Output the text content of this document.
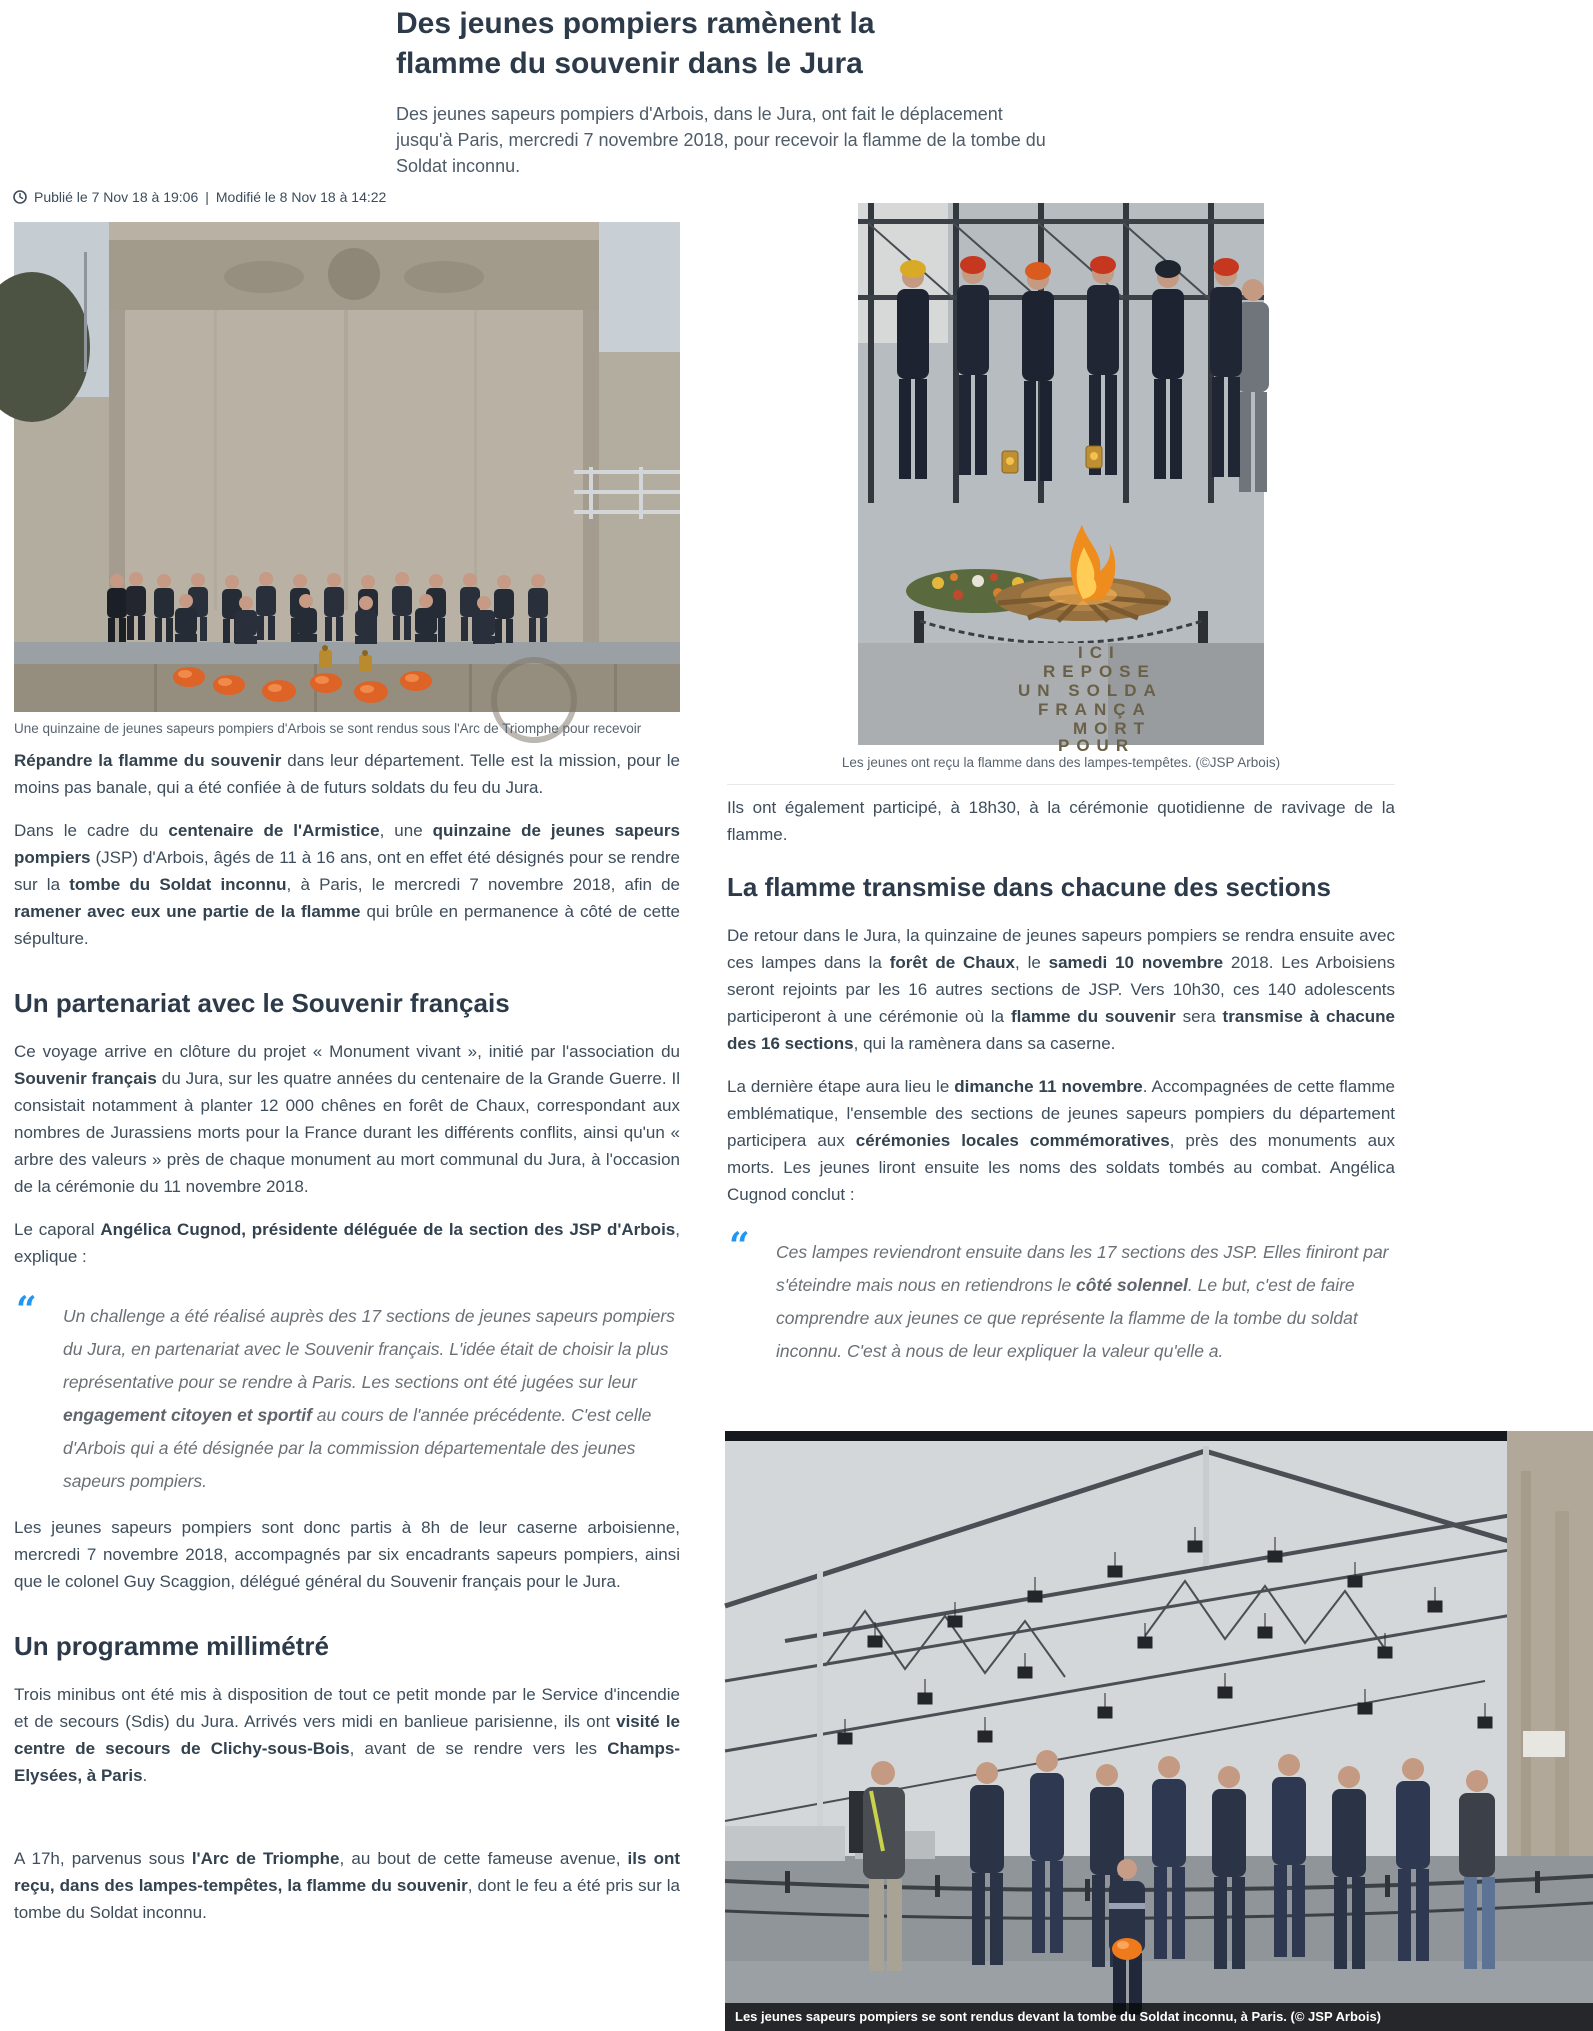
Des jeunes pompiers ramènent la flamme du souvenir dans le Jura
Des jeunes sapeurs pompiers d'Arbois, dans le Jura, ont fait le déplacement jusqu'à Paris, mercredi 7 novembre 2018, pour recevoir la flamme de la tombe du Soldat inconnu.
Publié le 7 Nov 18 à 19:06 | Modifié le 8 Nov 18 à 14:22
Une quinzaine de jeunes sapeurs pompiers d'Arbois se sont rendus sous l'Arc de Triomphe pour recevoir

Répandre la flamme du souvenir dans leur département. Telle est la mission, pour le moins pas banale, qui a été confiée à de futurs soldats du feu du Jura.

Dans le cadre du centenaire de l'Armistice, une quinzaine de jeunes sapeurs pompiers (JSP) d'Arbois, âgés de 11 à 16 ans, ont en effet été désignés pour se rendre sur la tombe du Soldat inconnu, à Paris, le mercredi 7 novembre 2018, afin de ramener avec eux une partie de la flamme qui brûle en permanence à côté de cette sépulture.

Un partenariat avec le Souvenir français

Ce voyage arrive en clôture du projet « Monument vivant », initié par l'association du Souvenir français du Jura, sur les quatre années du centenaire de la Grande Guerre. Il consistait notamment à planter 12 000 chênes en forêt de Chaux, correspondant aux nombres de Jurassiens morts pour la France durant les différents conflits, ainsi qu'un « arbre des valeurs » près de chaque monument au mort communal du Jura, à l'occasion de la cérémonie du 11 novembre 2018.

Le caporal Angélica Cugnod, présidente déléguée de la section des JSP d'Arbois, explique :

“ Un challenge a été réalisé auprès des 17 sections de jeunes sapeurs pompiers du Jura, en partenariat avec le Souvenir français. L'idée était de choisir la plus représentative pour se rendre à Paris. Les sections ont été jugées sur leur engagement citoyen et sportif au cours de l'année précédente. C'est celle d'Arbois qui a été désignée par la commission départementale des jeunes sapeurs pompiers.

Les jeunes sapeurs pompiers sont donc partis à 8h de leur caserne arboisienne, mercredi 7 novembre 2018, accompagnés par six encadrants sapeurs pompiers, ainsi que le colonel Guy Scaggion, délégué général du Souvenir français pour le Jura.

Un programme millimétré

Trois minibus ont été mis à disposition de tout ce petit monde par le Service d'incendie et de secours (Sdis) du Jura. Arrivés vers midi en banlieue parisienne, ils ont visité le centre de secours de Clichy-sous-Bois, avant de se rendre vers les Champs-Elysées, à Paris.

A 17h, parvenus sous l'Arc de Triomphe, au bout de cette fameuse avenue, ils ont reçu, dans des lampes-tempêtes, la flamme du souvenir, dont le feu a été pris sur la tombe du Soldat inconnu.

ICI
REPOSE
UN SOLDA
FRANÇA
MORT
POUR
Les jeunes ont reçu la flamme dans des lampes-tempêtes. (©JSP Arbois)

Ils ont également participé, à 18h30, à la cérémonie quotidienne de ravivage de la flamme.

La flamme transmise dans chacune des sections

De retour dans le Jura, la quinzaine de jeunes sapeurs pompiers se rendra ensuite avec ces lampes dans la forêt de Chaux, le samedi 10 novembre 2018. Les Arboisiens seront rejoints par les 16 autres sections de JSP. Vers 10h30, ces 140 adolescents participeront à une cérémonie où la flamme du souvenir sera transmise à chacune des 16 sections, qui la ramènera dans sa caserne.

La dernière étape aura lieu le dimanche 11 novembre. Accompagnées de cette flamme emblématique, l'ensemble des sections de jeunes sapeurs pompiers du département participera aux cérémonies locales commémoratives, près des monuments aux morts. Les jeunes liront ensuite les noms des soldats tombés au combat. Angélica Cugnod conclut :

“ Ces lampes reviendront ensuite dans les 17 sections des JSP. Elles finiront par s'éteindre mais nous en retiendrons le côté solennel. Le but, c'est de faire comprendre aux jeunes ce que représente la flamme de la tombe du soldat inconnu. C'est à nous de leur expliquer la valeur qu'elle a.
Les jeunes sapeurs pompiers se sont rendus devant la tombe du Soldat inconnu, à Paris. (© JSP Arbois)
